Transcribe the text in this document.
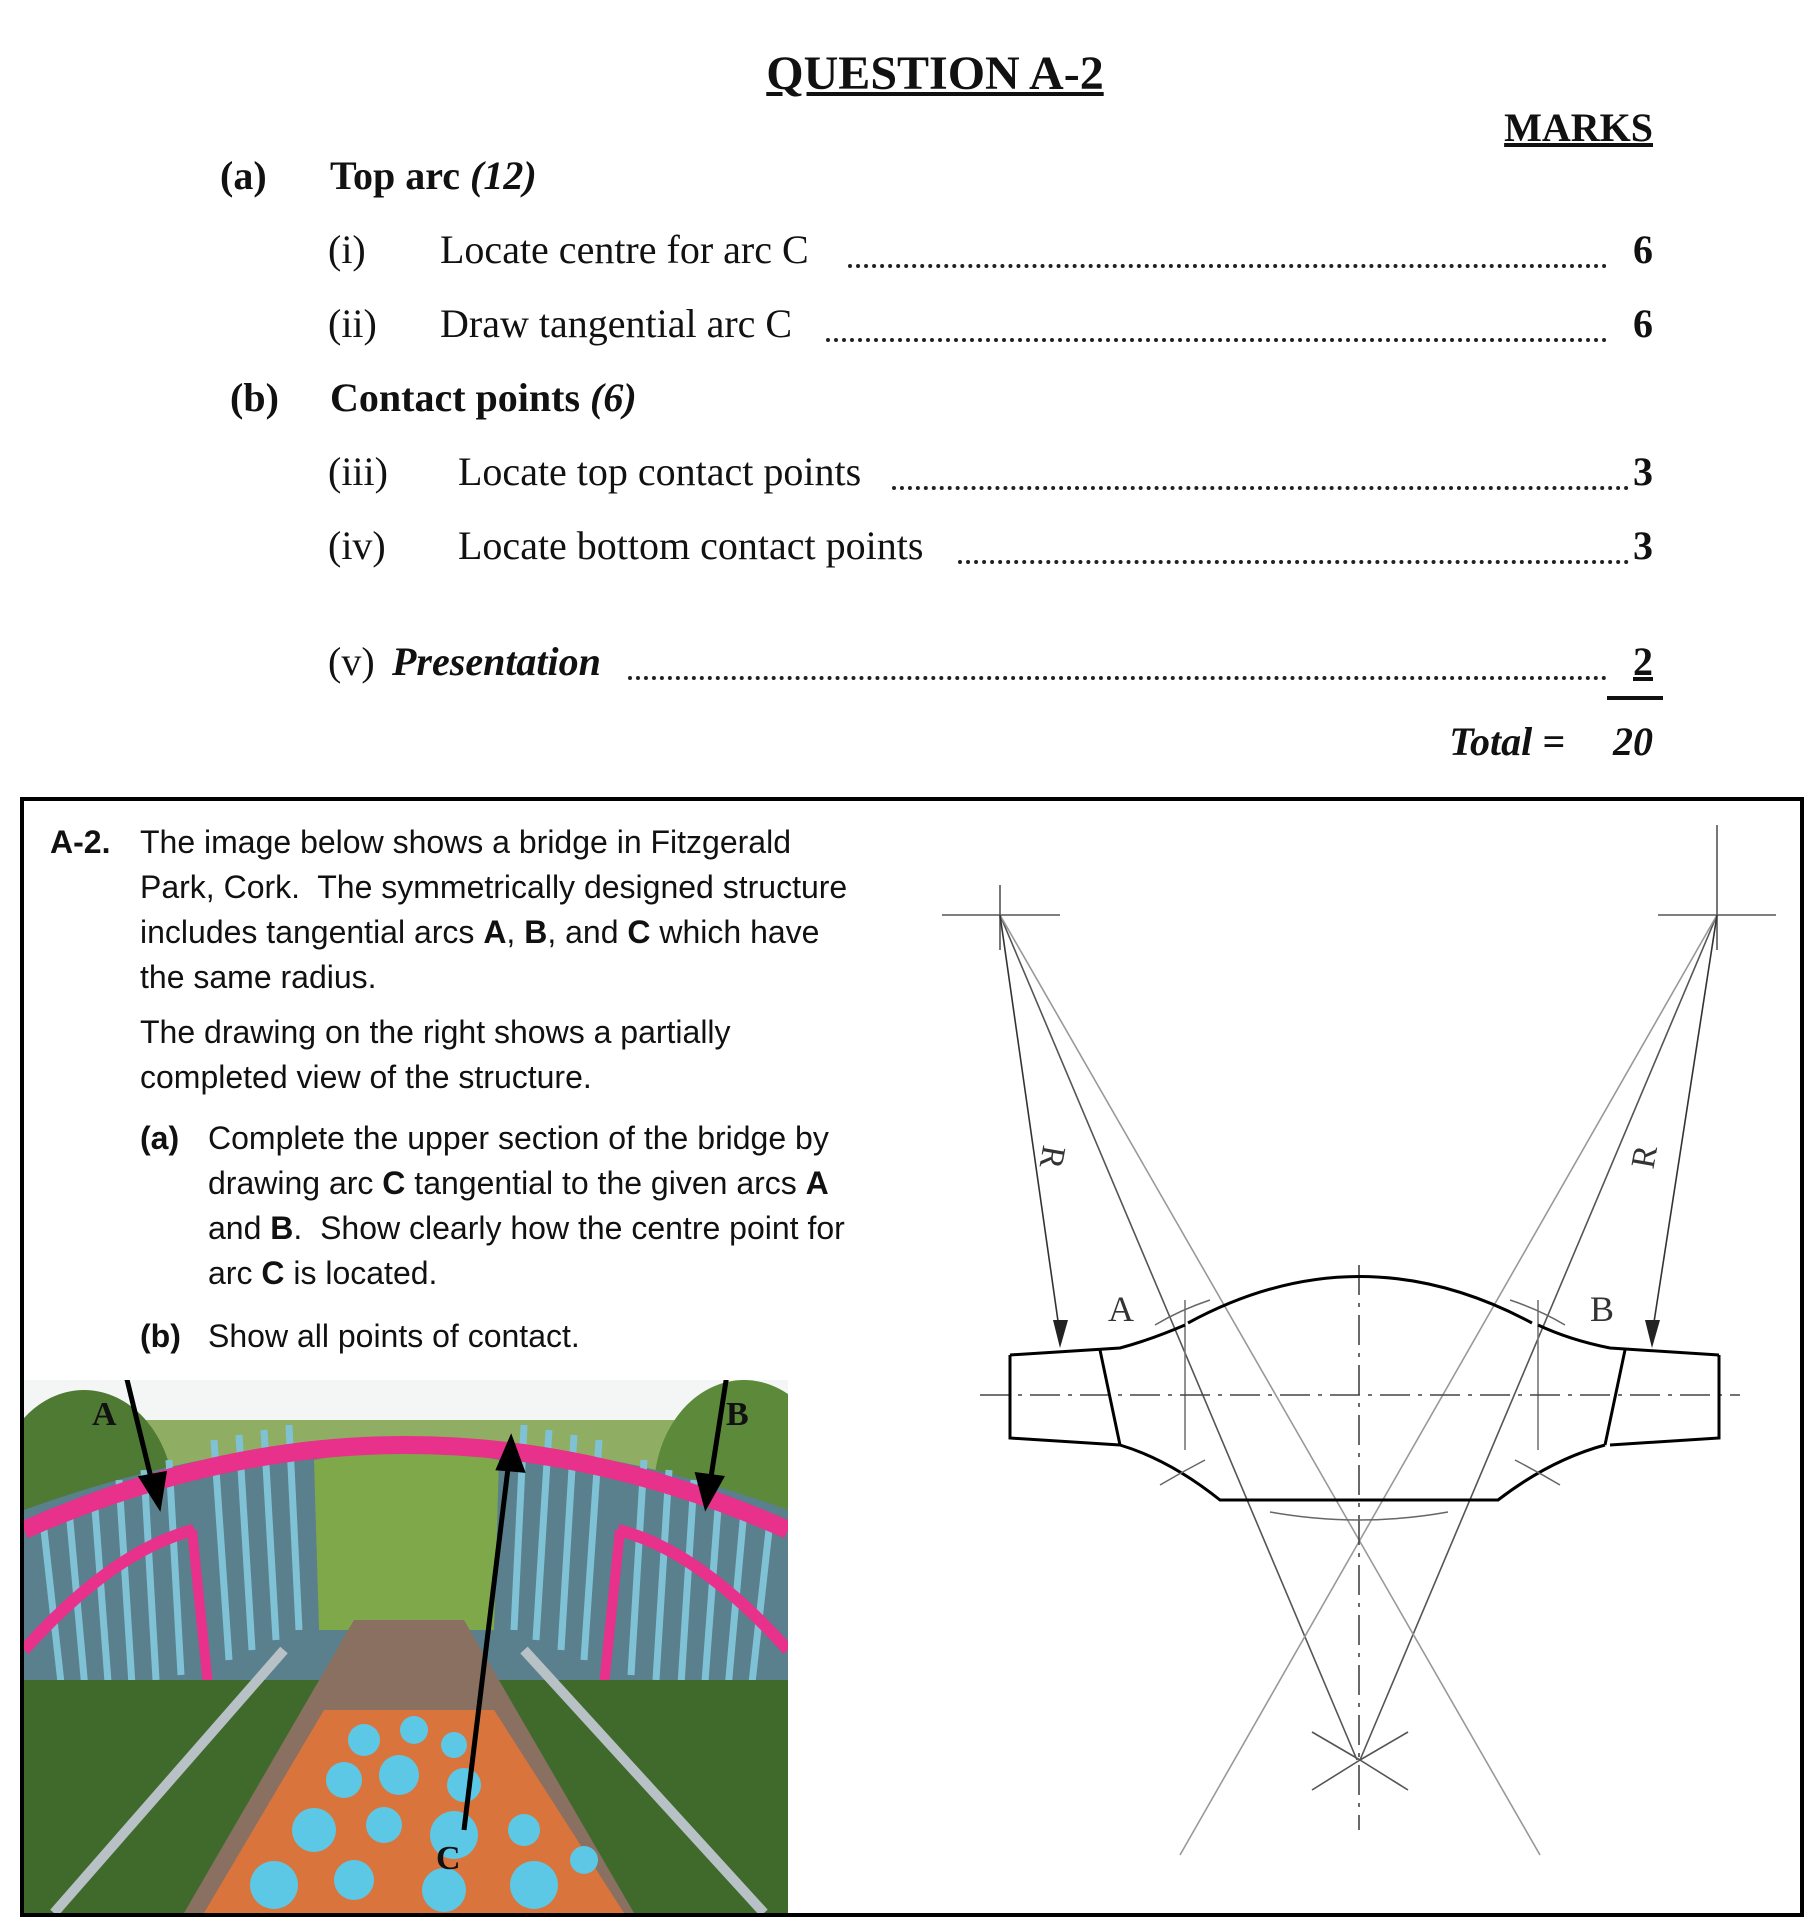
QUESTION A-2
MARKS
(a) Top arc (12)
(i) Locate centre for arc C	6
(ii) Draw tangential arc C	6
(b) Contact points (6)
(iii) Locate top contact points	3
(iv) Locate bottom contact points	3
(v) Presentation	2
Total = 20
A-2. The image below shows a bridge in Fitzgerald Park, Cork.  The symmetrically designed structure includes tangential arcs A, B, and C which have the same radius.
The drawing on the right shows a partially completed view of the structure.
(a) Complete the upper section of the bridge by drawing arc C tangential to the given arcs A and B.  Show clearly how the centre point for arc C is located.
(b) Show all points of contact.
A	B
C
A	B
R	R
